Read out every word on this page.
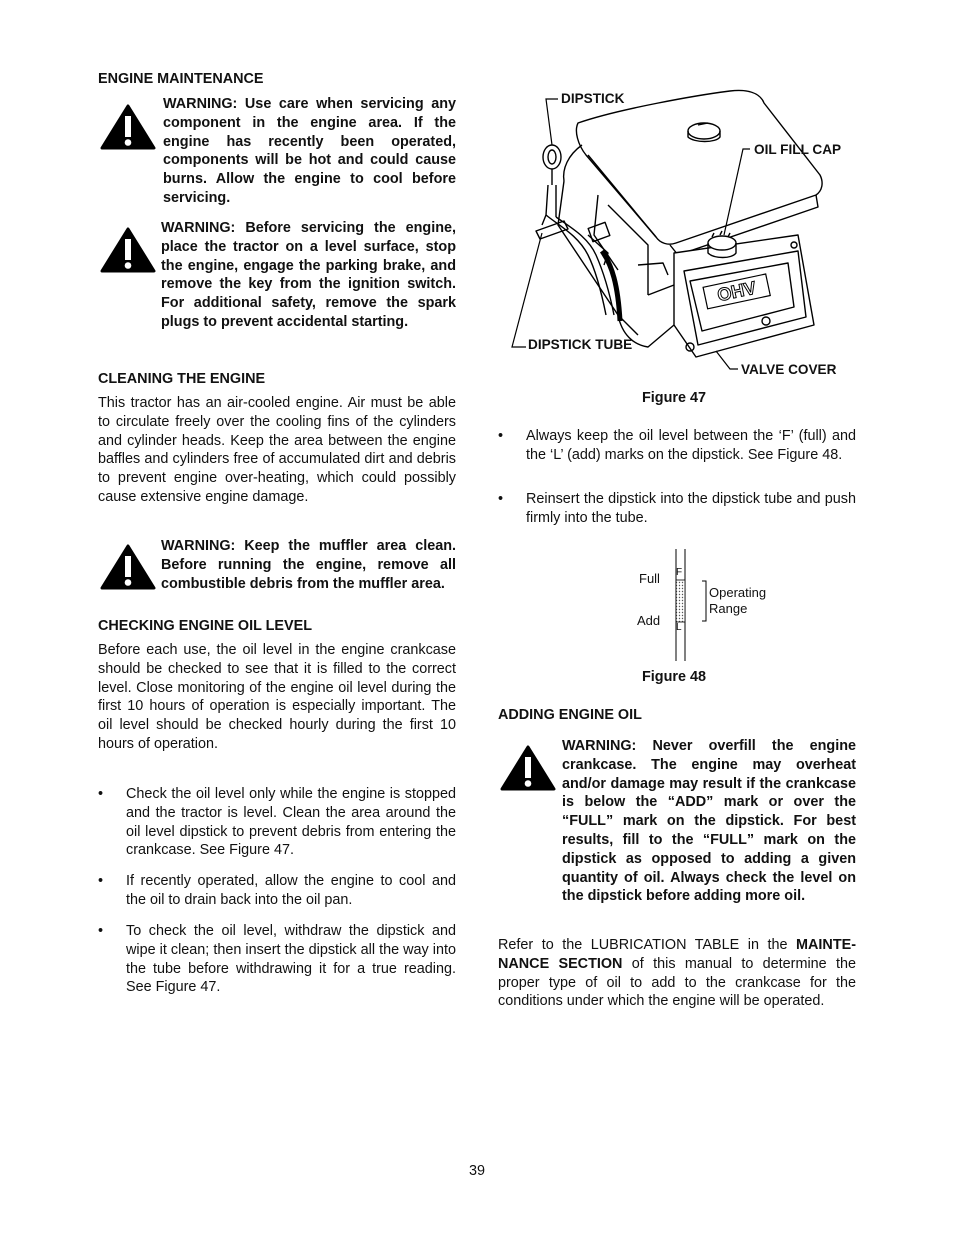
ENGINE MAINTENANCE

WARNING: Use care when servicing any component in the engine area. If the engine has recently been operated, components will be hot and could cause burns. Allow the engine to cool before servicing.

WARNING: Before servicing the engine, place the tractor on a level surface, stop the engine, engage the parking brake, and remove the key from the ignition switch. For additional safety, remove the spark plugs to prevent accidental starting.

CLEANING THE ENGINE

This tractor has an air-cooled engine. Air must be able to circulate freely over the cooling fins of the cylinders and cylinder heads. Keep the area between the engine baffles and cylinders free of accumulated dirt and debris to prevent engine over-heating, which could possibly cause extensive engine damage.

WARNING: Keep the muffler area clean. Before running the engine, remove all combustible debris from the muffler area.

CHECKING ENGINE OIL LEVEL

Before each use, the oil level in the engine crankcase should be checked to see that it is filled to the correct level. Close monitoring of the engine oil level during the first 10 hours of operation is especially important. The oil level should be checked hourly during the first 10 hours of operation.

• Check the oil level only while the engine is stopped and the tractor is level. Clean the area around the oil level dipstick to prevent debris from entering the crankcase. See Figure 47.

• If recently operated, allow the engine to cool and the oil to drain back into the oil pan.

• To check the oil level, withdraw the dipstick and wipe it clean; then insert the dipstick all the way into the tube before withdrawing it for a true reading. See Figure 47.

OHV
DIPSTICK
OIL FILL CAP
DIPSTICK TUBE
VALVE COVER
Figure 47
• Always keep the oil level between the ‘F’ (full) and the ‘L’ (add) marks on the dipstick. See Figure 48.

• Reinsert the dipstick into the dipstick tube and push firmly into the tube.

ADDING ENGINE OIL

WARNING: Never overfill the engine crankcase. The engine may overheat and/or damage may result if the crankcase is below the “ADD” mark or over the “FULL” mark on the dipstick. For best results, fill to the “FULL” mark on the dipstick as opposed to adding a given quantity of oil. Always check the level on the dipstick before adding more oil.

Refer to the LUBRICATION TABLE in the MAINTE-NANCE SECTION of this manual to determine the proper type of oil to add to the crankcase for the conditions under which the engine will be operated.

Full
Add
F
L
Operating
Range
Figure 48
39
